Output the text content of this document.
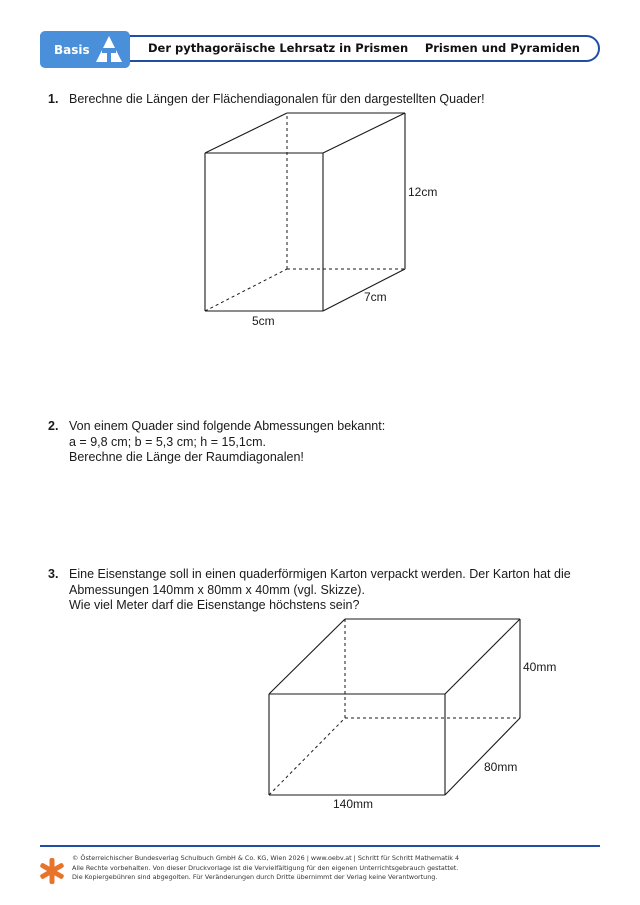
Basis	Der pythagoräische Lehrsatz in Prismen Prismen und Pyramiden
1. Berechne die Längen der Flächendiagonalen für den dargestellten Quader!
12cm
7cm
5cm
2. Von einem Quader sind folgende Abmessungen bekannt:
a = 9,8 cm; b = 5,3 cm; h = 15,1cm.
Berechne die Länge der Raumdiagonalen!
3. Eine Eisenstange soll in einen quaderförmigen Karton verpackt werden. Der Karton hat die
Abmessungen 140mm x 80mm x 40mm (vgl. Skizze).
Wie viel Meter darf die Eisenstange höchstens sein?
40mm
80mm
140mm
© Österreichischer Bundesverlag Schulbuch GmbH & Co. KG, Wien 2026 | www.oebv.at | Schritt für Schritt Mathematik 4
Alle Rechte vorbehalten. Von dieser Druckvorlage ist die Vervielfältigung für den eigenen Unterrichtsgebrauch gestattet.
Die Kopiergebühren sind abgegolten. Für Veränderungen durch Dritte übernimmt der Verlag keine Verantwortung.
